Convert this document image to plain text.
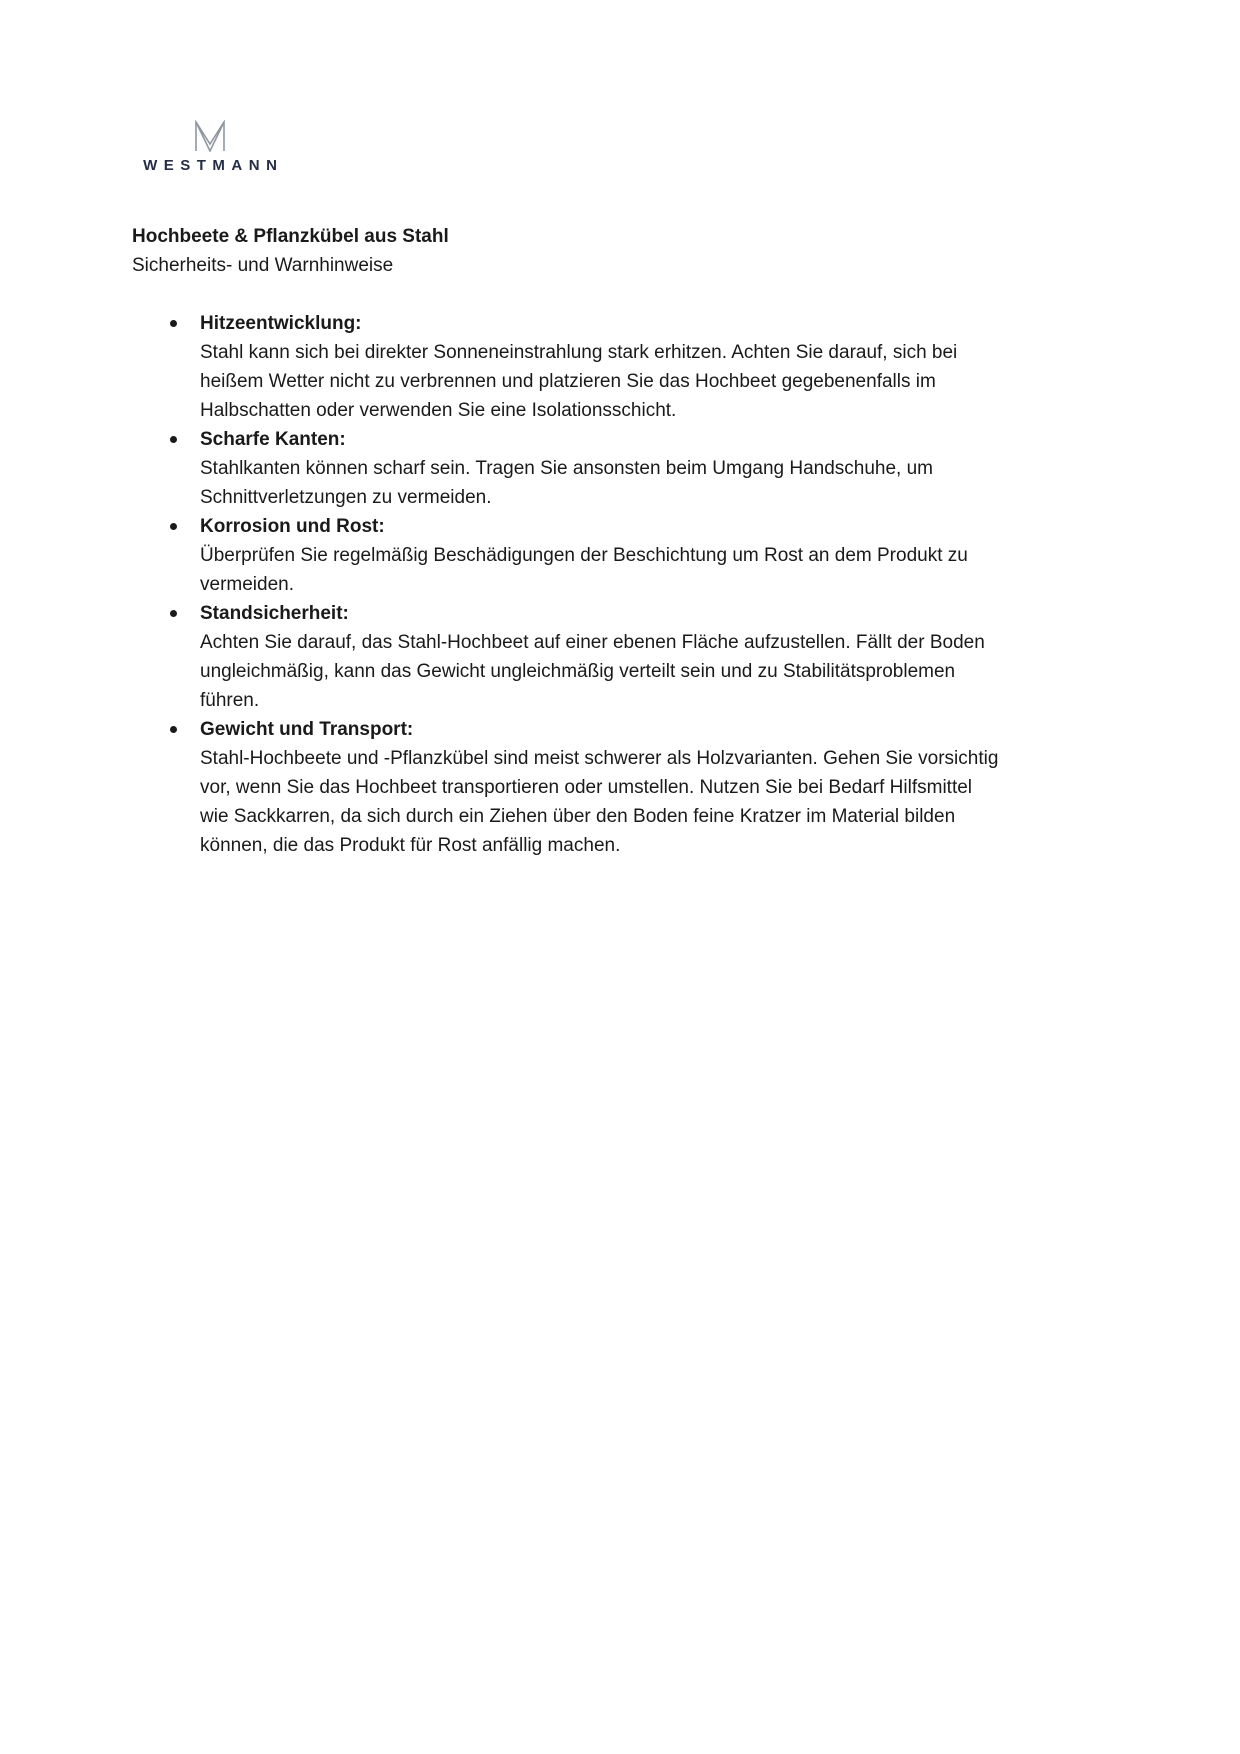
WESTMANN
Hochbeete & Pflanzkübel aus Stahl
Sicherheits- und Warnhinweise
Hitzeentwicklung:
Stahl kann sich bei direkter Sonneneinstrahlung stark erhitzen. Achten Sie darauf, sich bei heißem Wetter nicht zu verbrennen und platzieren Sie das Hochbeet gegebenenfalls im Halbschatten oder verwenden Sie eine Isolationsschicht.
Scharfe Kanten:
Stahlkanten können scharf sein. Tragen Sie ansonsten beim Umgang Handschuhe, um Schnittverletzungen zu vermeiden.
Korrosion und Rost:
Überprüfen Sie regelmäßig Beschädigungen der Beschichtung um Rost an dem Produkt zu vermeiden.
Standsicherheit:
Achten Sie darauf, das Stahl-Hochbeet auf einer ebenen Fläche aufzustellen. Fällt der Boden ungleichmäßig, kann das Gewicht ungleichmäßig verteilt sein und zu Stabilitätsproblemen führen.
Gewicht und Transport:
Stahl-Hochbeete und -Pflanzkübel sind meist schwerer als Holzvarianten. Gehen Sie vorsichtig vor, wenn Sie das Hochbeet transportieren oder umstellen. Nutzen Sie bei Bedarf Hilfsmittel wie Sackkarren, da sich durch ein Ziehen über den Boden feine Kratzer im Material bilden können, die das Produkt für Rost anfällig machen.
